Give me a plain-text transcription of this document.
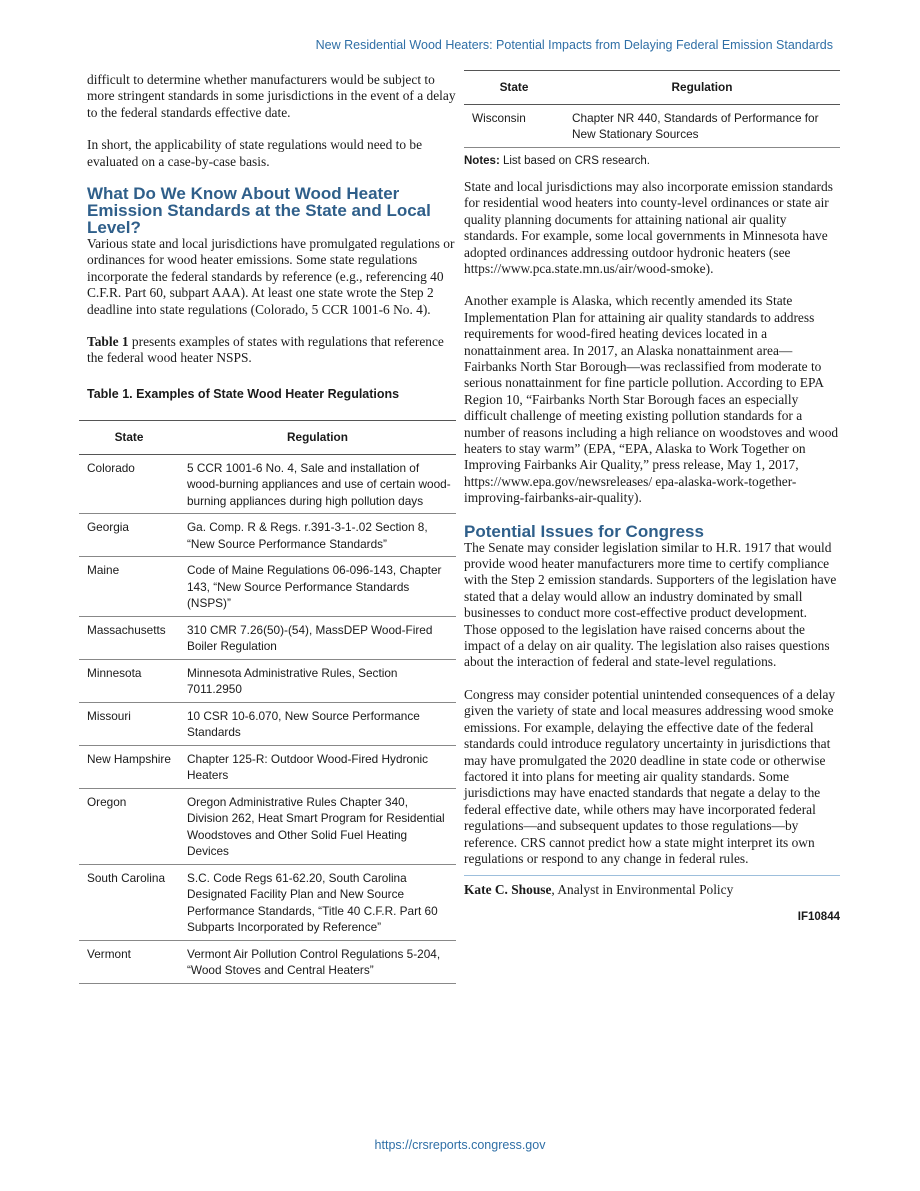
New Residential Wood Heaters: Potential Impacts from Delaying Federal Emission Standards

difficult to determine whether manufacturers would be subject to more stringent standards in some jurisdictions in the event of a delay to the federal standards effective date.

In short, the applicability of state regulations would need to be evaluated on a case-by-case basis.

What Do We Know About Wood Heater Emission Standards at the State and Local Level?

Various state and local jurisdictions have promulgated regulations or ordinances for wood heater emissions. Some state regulations incorporate the federal standards by reference (e.g., referencing 40 C.F.R. Part 60, subpart AAA). At least one state wrote the Step 2 deadline into state regulations (Colorado, 5 CCR 1001-6 No. 4).

Table 1 presents examples of states with regulations that reference the federal wood heater NSPS.

Table 1. Examples of State Wood Heater Regulations

State	Regulation
Colorado	5 CCR 1001-6 No. 4, Sale and installation of wood-burning appliances and use of certain wood-burning appliances during high pollution days
Georgia	Ga. Comp. R & Regs. r.391-3-1-.02 Section 8, “New Source Performance Standards”
Maine	Code of Maine Regulations 06-096-143, Chapter 143, “New Source Performance Standards (NSPS)”
Massachusetts	310 CMR 7.26(50)-(54), MassDEP Wood-Fired Boiler Regulation
Minnesota	Minnesota Administrative Rules, Section 7011.2950
Missouri	10 CSR 10-6.070, New Source Performance Standards
New Hampshire	Chapter 125-R: Outdoor Wood-Fired Hydronic Heaters
Oregon	Oregon Administrative Rules Chapter 340, Division 262, Heat Smart Program for Residential Woodstoves and Other Solid Fuel Heating Devices
South Carolina	S.C. Code Regs 61-62.20, South Carolina Designated Facility Plan and New Source Performance Standards, “Title 40 C.F.R. Part 60 Subparts Incorporated by Reference”
Vermont	Vermont Air Pollution Control Regulations 5-204, “Wood Stoves and Central Heaters”
State	Regulation
Wisconsin	Chapter NR 440, Standards of Performance for New Stationary Sources

Notes: List based on CRS research.

State and local jurisdictions may also incorporate emission standards for residential wood heaters into county-level ordinances or state air quality planning documents for attaining national air quality standards. For example, some local governments in Minnesota have adopted ordinances addressing outdoor hydronic heaters (see https://www.pca.state.mn.us/air/wood-smoke).

Another example is Alaska, which recently amended its State Implementation Plan for attaining air quality standards to address requirements for wood-fired heating devices located in a nonattainment area. In 2017, an Alaska nonattainment area—Fairbanks North Star Borough—was reclassified from moderate to serious nonattainment for fine particle pollution. According to EPA Region 10, “Fairbanks North Star Borough faces an especially difficult challenge of meeting existing pollution standards for a number of reasons including a high reliance on woodstoves and wood heaters to stay warm” (EPA, “EPA, Alaska to Work Together on Improving Fairbanks Air Quality,” press release, May 1, 2017, https://www.epa.gov/newsreleases/ epa-alaska-work-together-improving-fairbanks-air-quality).

Potential Issues for Congress

The Senate may consider legislation similar to H.R. 1917 that would provide wood heater manufacturers more time to certify compliance with the Step 2 emission standards. Supporters of the legislation have stated that a delay would allow an industry dominated by small businesses to conduct more cost-effective product development. Those opposed to the legislation have raised concerns about the impact of a delay on air quality. The legislation also raises questions about the interaction of federal and state-level regulations.

Congress may consider potential unintended consequences of a delay given the variety of state and local measures addressing wood smoke emissions. For example, delaying the effective date of the federal standards could introduce regulatory uncertainty in jurisdictions that may have promulgated the 2020 deadline in state code or otherwise factored it into plans for meeting air quality standards. Some jurisdictions may have enacted standards that negate a delay to the federal effective date, while others may have incorporated federal regulations—and subsequent updates to those regulations—by reference. CRS cannot predict how a state might interpret its own regulations or respond to any change in federal rules.

Kate C. Shouse, Analyst in Environmental Policy

IF10844
https://crsreports.congress.gov
